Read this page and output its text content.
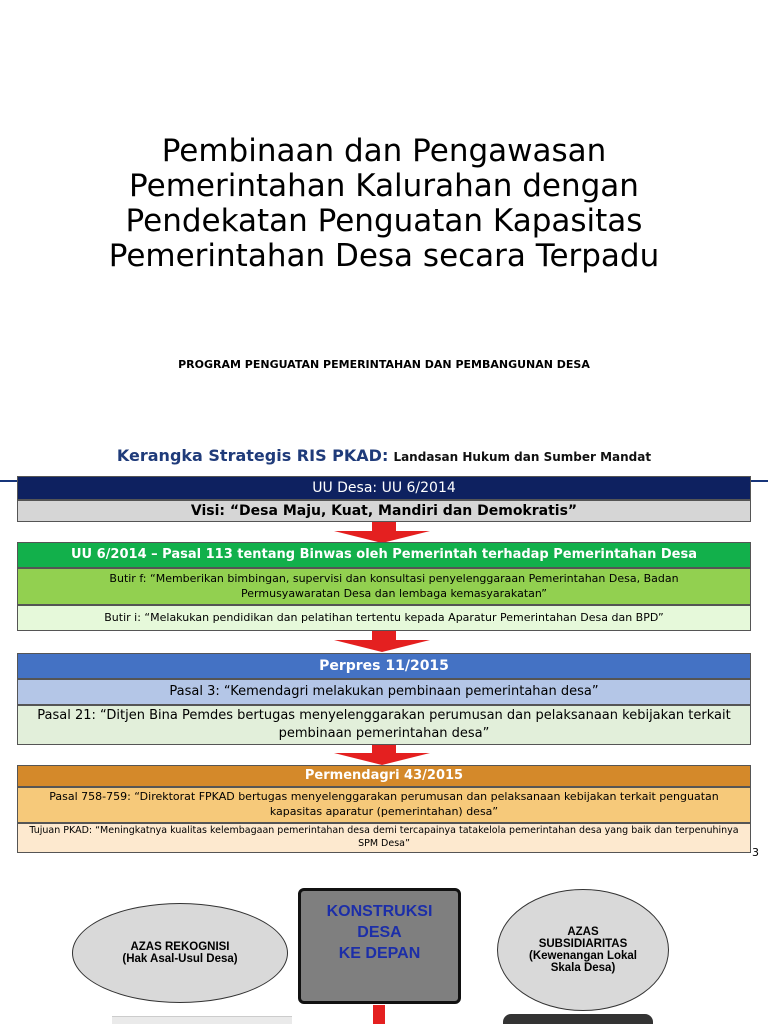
Pembinaan dan Pengawasan
Pemerintahan Kalurahan dengan
Pendekatan Penguatan Kapasitas
Pemerintahan Desa secara Terpadu
PROGRAM PENGUATAN PEMERINTAHAN DAN PEMBANGUNAN DESA
Kerangka Strategis RIS PKAD: Landasan Hukum dan Sumber Mandat
UU Desa: UU 6/2014
Visi: “Desa Maju, Kuat, Mandiri dan Demokratis”
UU 6/2014 – Pasal 113 tentang Binwas oleh Pemerintah terhadap Pemerintahan Desa
Butir f: “Memberikan bimbingan, supervisi dan konsultasi penyelenggaraan Pemerintahan Desa, Badan Permusyawaratan Desa dan lembaga kemasyarakatan”
Butir i: “Melakukan pendidikan dan pelatihan tertentu kepada Aparatur Pemerintahan Desa dan BPD”
Perpres 11/2015
Pasal 3: “Kemendagri melakukan pembinaan pemerintahan desa”
Pasal 21: “Ditjen Bina Pemdes bertugas menyelenggarakan perumusan dan pelaksanaan kebijakan terkait pembinaan pemerintahan desa”
Permendagri 43/2015
Pasal 758-759: “Direktorat FPKAD bertugas menyelenggarakan perumusan dan pelaksanaan kebijakan terkait penguatan kapasitas aparatur (pemerintahan) desa”
Tujuan PKAD: “Meningkatnya kualitas kelembagaan pemerintahan desa demi tercapainya tatakelola pemerintahan desa yang baik dan terpenuhinya SPM Desa”
3
AZAS REKOGNISI
(Hak Asal-Usul Desa)
KONSTRUKSI
DESA
KE DEPAN
AZAS
SUBSIDIARITAS
(Kewenangan Lokal
Skala Desa)
